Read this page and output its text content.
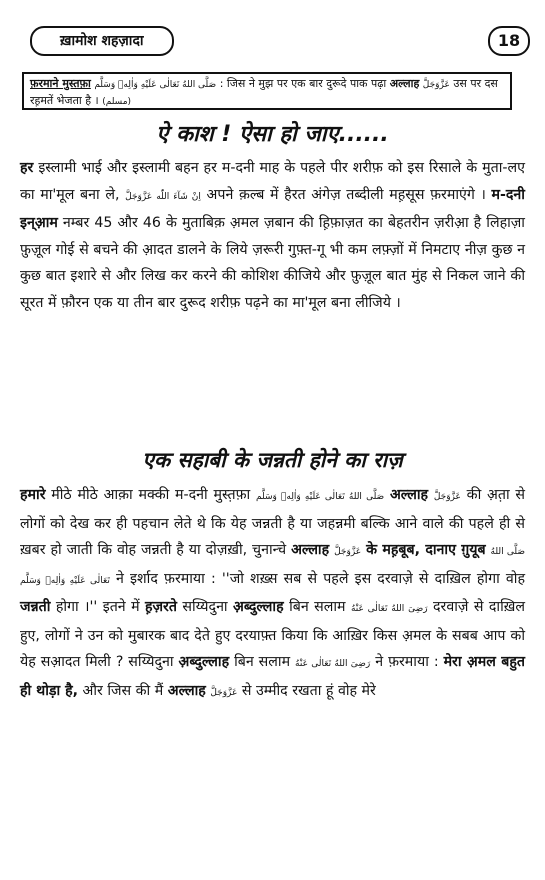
ख़ामोश शहज़ादा	18
फ़रमाने मुस्तफ़ा صَلَّى اللهُ تَعَالٰى عَلَيْهِ وَاٰلِهٖ وَسَلَّم : जिस ने मुझ पर एक बार दुरूदे पाक पढ़ा अल्लाह عَزَّوَجَلَّ उस पर दस रह़मतें भेजता है । (مسلم)
ऐ काश ! ऐसा हो जाए......
हर इस्लामी भाई और इस्लामी बहन हर म-दनी माह के पहले पीर शरीफ़ को इस रिसाले के मुता-लए का मा'मूल बना ले, اِنْ شَآءَ اللّٰه عَزَّوَجَلَّ अपने क़ल्ब में हैरत अंगेज़ तब्दीली मह़सूस फ़रमाएंगे । म-दनी इन्आ़म नम्बर 45 और 46 के मुताबिक़ अ़मल ज़बान की ह़िफ़ाज़त का बेहतरीन ज़रीआ़ है लिहाज़ा फ़ुज़ूल गोई से बचने की आ़दत डालने के लिये ज़रूरी गुफ़्त-गू भी कम लफ़्ज़ों में निमटाए नीज़ कुछ न कुछ बात इशारे से और लिख कर करने की कोशिश कीजिये और फ़ुज़ूल बात मुंह से निकल जाने की सूरत में फ़ौरन एक या तीन बार दुरूद शरीफ़ पढ़ने का मा'मूल बना लीजिये ।
एक सहाबी के जन्नती होने का राज़
हमारे मीठे मीठे आक़ा मक्की म-दनी मुस्त़फ़ा صَلَّى اللهُ تَعَالٰى عَلَيْهِ وَاٰلِهٖ وَسَلَّم अल्लाह عَزَّوَجَلَّ की अ़त़ा से लोगों को देख कर ही पहचान लेते थे कि येह जन्नती है या जहन्नमी बल्कि आने वाले की पहले ही से ख़बर हो जाती कि वोह जन्नती है या दोज़ख़ी, चुनान्चे अल्लाह عَزَّوَجَلَّ के मह़बूब, दानाए ग़ुयूब صَلَّى اللهُ تَعَالٰى عَلَيْهِ وَاٰلِهٖ وَسَلَّم ने इर्शाद फ़रमाया : ''जो शख़्स सब से पहले इस दरवाज़े से दाख़िल होगा वोह जन्नती होगा ।'' इतने में ह़ज़रते सय्यिदुना अ़ब्दुल्लाह बिन सलाम رَضِىَ اللهُ تَعَالٰى عَنْهُ दरवाज़े से दाख़िल हुए, लोगों ने उन को मुबारक बाद देते हुए दरयाफ़्त किया कि आख़िर किस अ़मल के सबब आप को येह सआ़दत मिली ? सय्यिदुना अ़ब्दुल्लाह बिन सलाम رَضِىَ اللهُ تَعَالٰى عَنْهُ ने फ़रमाया : मेरा अ़मल बहुत ही थोड़ा है, और जिस की मैं अल्लाह عَزَّوَجَلَّ से उम्मीद रखता हूं वोह मेरे
